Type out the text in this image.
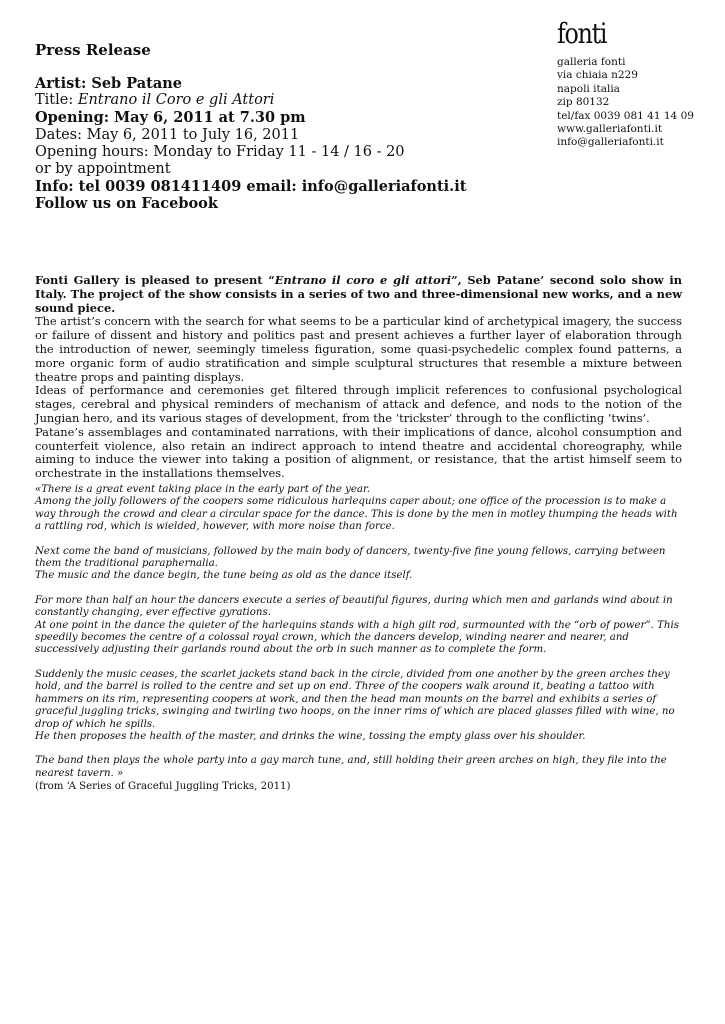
Press Release
Artist: Seb Patane
Title: Entrano il Coro e gli Attori
Opening: May 6, 2011 at 7.30 pm
Dates: May 6, 2011 to July 16, 2011
Opening hours: Monday to Friday 11 - 14 / 16 - 20
or by appointment
Info: tel 0039 081411409 email: info@galleriafonti.it
Follow us on Facebook
fonti
galleria fonti
via chiaia n229
napoli italia
zip 80132
tel/fax 0039 081 41 14 09
www.galleriafonti.it
info@galleriafonti.it

Fonti Gallery is pleased to present “Entrano il coro e gli attori”, Seb Patane’ second solo show in Italy. The project of the show consists in a series of two and three-dimensional new works, and a new sound piece.

The artist’s concern with the search for what seems to be a particular kind of archetypical imagery, the success or failure of dissent and history and politics past and present achieves a further layer of elaboration through the introduction of newer, seemingly timeless figuration, some quasi-psychedelic complex found patterns, a more organic form of audio stratification and simple sculptural structures that resemble a mixture between theatre props and painting displays.

Ideas of performance and ceremonies get filtered through implicit references to confusional psychological stages, cerebral and physical reminders of mechanism of attack and defence, and nods to the notion of the Jungian hero, and its various stages of development, from the ‘trickster’ through to the conflicting ‘twins’.

Patane’s assemblages and contaminated narrations, with their implications of dance, alcohol consumption and counterfeit violence, also retain an indirect approach to intend theatre and accidental choreography, while aiming to induce the viewer into taking a position of alignment, or resistance, that the artist himself seem to orchestrate in the installations themselves.

«There is a great event taking place in the early part of the year.

Among the jolly followers of the coopers some ridiculous harlequins caper about; one office of the procession is to make a way through the crowd and clear a circular space for the dance. This is done by the men in motley thumping the heads with a rattling rod, which is wielded, however, with more noise than force.

Next come the band of musicians, followed by the main body of dancers, twenty-five fine young fellows, carrying between them the traditional paraphernalia.

The music and the dance begin, the tune being as old as the dance itself.

For more than half an hour the dancers execute a series of beautiful figures, during which men and garlands wind about in constantly changing, ever effective gyrations.

At one point in the dance the quieter of the harlequins stands with a high gilt rod, surmounted with the “orb of power”. This speedily becomes the centre of a colossal royal crown, which the dancers develop, winding nearer and nearer, and successively adjusting their garlands round about the orb in such manner as to complete the form.

Suddenly the music ceases, the scarlet jackets stand back in the circle, divided from one another by the green arches they hold, and the barrel is rolled to the centre and set up on end. Three of the coopers walk around it, beating a tattoo with hammers on its rim, representing coopers at work, and then the head man mounts on the barrel and exhibits a series of graceful juggling tricks, swinging and twirling two hoops, on the inner rims of which are placed glasses filled with wine, no drop of which he spills.

He then proposes the health of the master, and drinks the wine, tossing the empty glass over his shoulder.

The band then plays the whole party into a gay march tune, and, still holding their green arches on high, they file into the nearest tavern. »

(from ‘A Series of Graceful Juggling Tricks, 2011)
